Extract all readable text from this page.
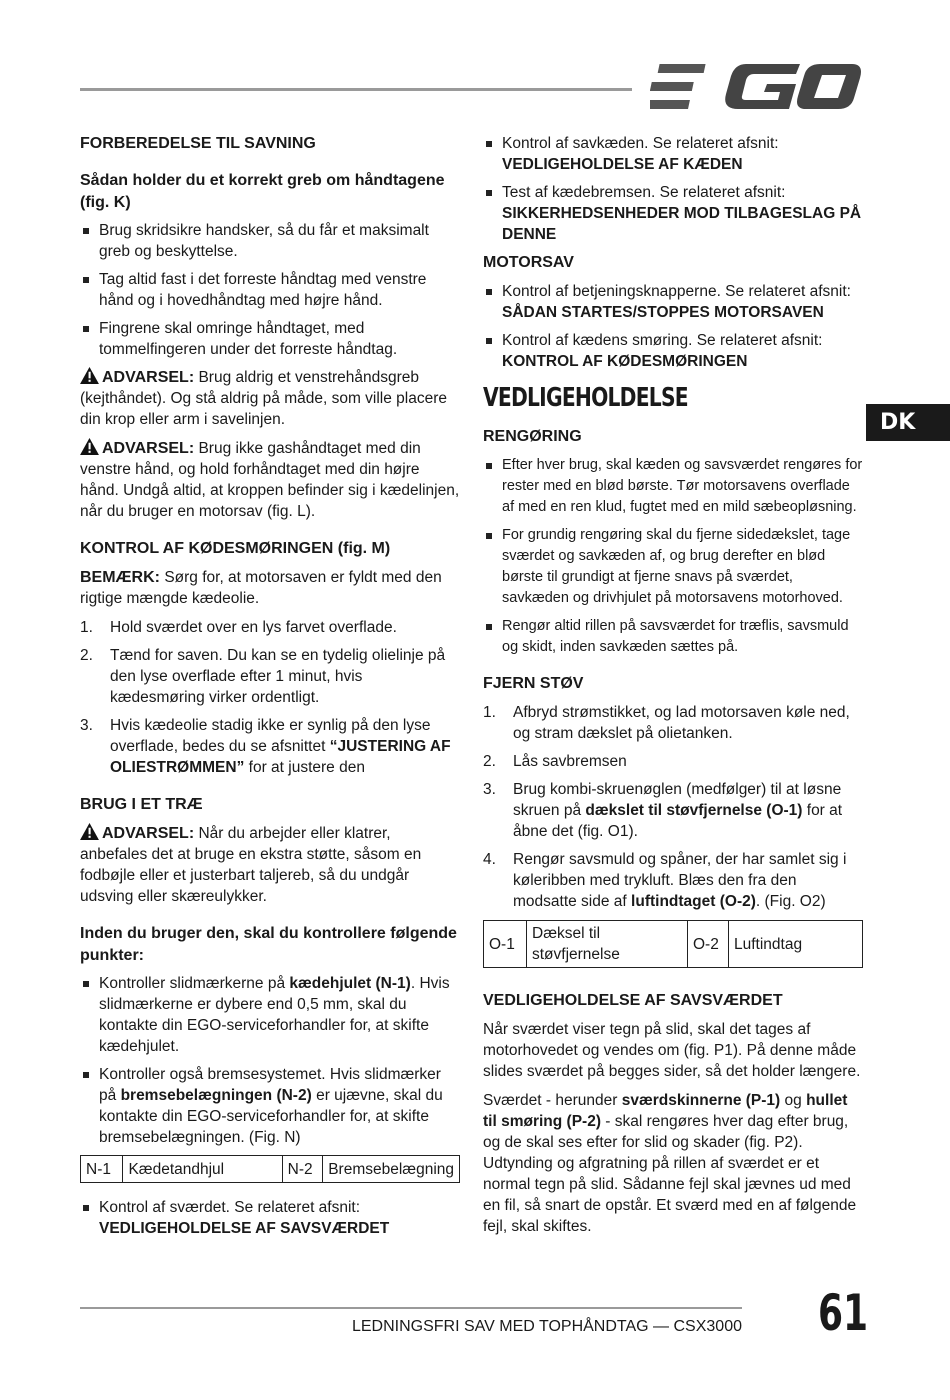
DK
FORBEREDELSE TIL SAVNING
Sådan holder du et korrekt greb om håndtagene (fig. K)
Brug skridsikre handsker, så du får et maksimalt greb og beskyttelse.
Tag altid fast i det forreste håndtag med venstre hånd og i hovedhåndtag med højre hånd.
Fingrene skal omringe håndtaget, med tommelfingeren under det forreste håndtag.

ADVARSEL: Brug aldrig et venstrehåndsgreb (kejthåndet). Og stå aldrig på måde, som ville placere din krop eller arm i savelinjen.

ADVARSEL: Brug ikke gashåndtaget med din venstre hånd, og hold forhåndtaget med din højre hånd. Undgå altid, at kroppen befinder sig i kædelinjen, når du bruger en motorsav (fig. L).

KONTROL AF KØDESMØRINGEN (fig. M)

BEMÆRK: Sørg for, at motorsaven er fyldt med den rigtige mængde kædeolie.

1. Hold sværdet over en lys farvet overflade.
2. Tænd for saven. Du kan se en tydelig olielinje på den lyse overflade efter 1 minut, hvis kædesmøring virker ordentligt.
3. Hvis kædeolie stadig ikke er synlig på den lyse overflade, bedes du se afsnittet “JUSTERING AF OLIESTRØMMEN” for at justere den
BRUG I ET TRÆ

ADVARSEL: Når du arbejder eller klatrer, anbefales det at bruge en ekstra støtte, såsom en fodbøjle eller et justerbart taljereb, så du undgår udsving eller skæreulykker.

Inden du bruger den, skal du kontrollere følgende punkter:
Kontroller slidmærkerne på kædehjulet (N-1). Hvis slidmærkerne er dybere end 0,5 mm, skal du kontakte din EGO-serviceforhandler for, at skifte kædehjulet.
Kontroller også bremsesystemet. Hvis slidmærker på bremsebelægningen (N-2) er ujævne, skal du kontakte din EGO-serviceforhandler for, at skifte bremsebelægningen. (Fig. N)
N-1	Kædetandhjul	N-2	Bremsebelægning
Kontrol af sværdet. Se relateret afsnit:
VEDLIGEHOLDELSE AF SAVSVÆRDET
Kontrol af savkæden. Se relateret afsnit:
VEDLIGEHOLDELSE AF KÆDEN
Test af kædebremsen. Se relateret afsnit:
SIKKERHEDSENHEDER MOD TILBAGESLAG PÅ DENNE
MOTORSAV
Kontrol af betjeningsknapperne. Se relateret afsnit:
SÅDAN STARTES/STOPPES MOTORSAVEN
Kontrol af kædens smøring. Se relateret afsnit:
KONTROL AF KØDESMØRINGEN
VEDLIGEHOLDELSE
RENGØRING
Efter hver brug, skal kæden og savsværdet rengøres for rester med en blød børste. Tør motorsavens overflade af med en ren klud, fugtet med en mild sæbeopløsning.
For grundig rengøring skal du fjerne sidedækslet, tage sværdet og savkæden af, og brug derefter en blød børste til grundigt at fjerne snavs på sværdet, savkæden og drivhjulet på motorsavens motorhoved.
Rengør altid rillen på savsværdet for træflis, savsmuld og skidt, inden savkæden sættes på.
FJERN STØV
1. Afbryd strømstikket, og lad motorsaven køle ned, og stram dækslet på olietanken.
2. Lås savbremsen
3. Brug kombi-skruenøglen (medfølger) til at løsne skruen på dækslet til støvfjernelse (O-1) for at åbne det (fig. O1).
4. Rengør savsmuld og spåner, der har samlet sig i køleribben med trykluft. Blæs den fra den modsatte side af luftindtaget (O-2). (Fig. O2)
O-1	Dæksel til støvfjernelse	O-2	Luftindtag
VEDLIGEHOLDELSE AF SAVSVÆRDET

Når sværdet viser tegn på slid, skal det tages af motorhovedet og vendes om (fig. P1). På denne måde slides sværdet på begges sider, så det holder længere.

Sværdet - herunder sværdskinnerne (P-1) og hullet til smøring (P-2) - skal rengøres hver dag efter brug, og de skal ses efter for slid og skader (fig. P2). Udtynding og afgratning på rillen af sværdet er et normal tegn på slid. Sådanne fejl skal jævnes ud med en fil, så snart de opstår. Et sværd med en af følgende fejl, skal skiftes.

LEDNINGSFRI SAV MED TOPHÅNDTAG — CSX3000 61
